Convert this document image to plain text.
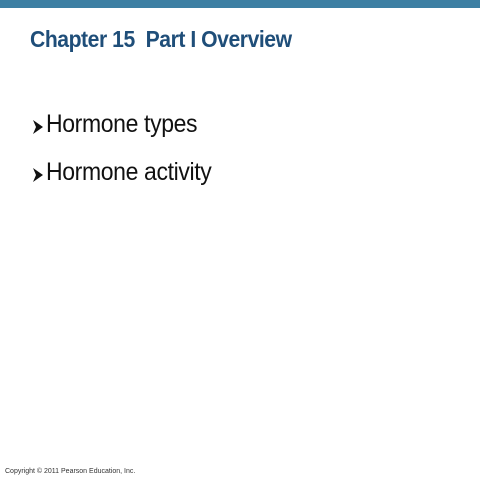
Chapter 15  Part I Overview
Hormone types
Hormone activity
Copyright © 2011 Pearson Education, Inc.
